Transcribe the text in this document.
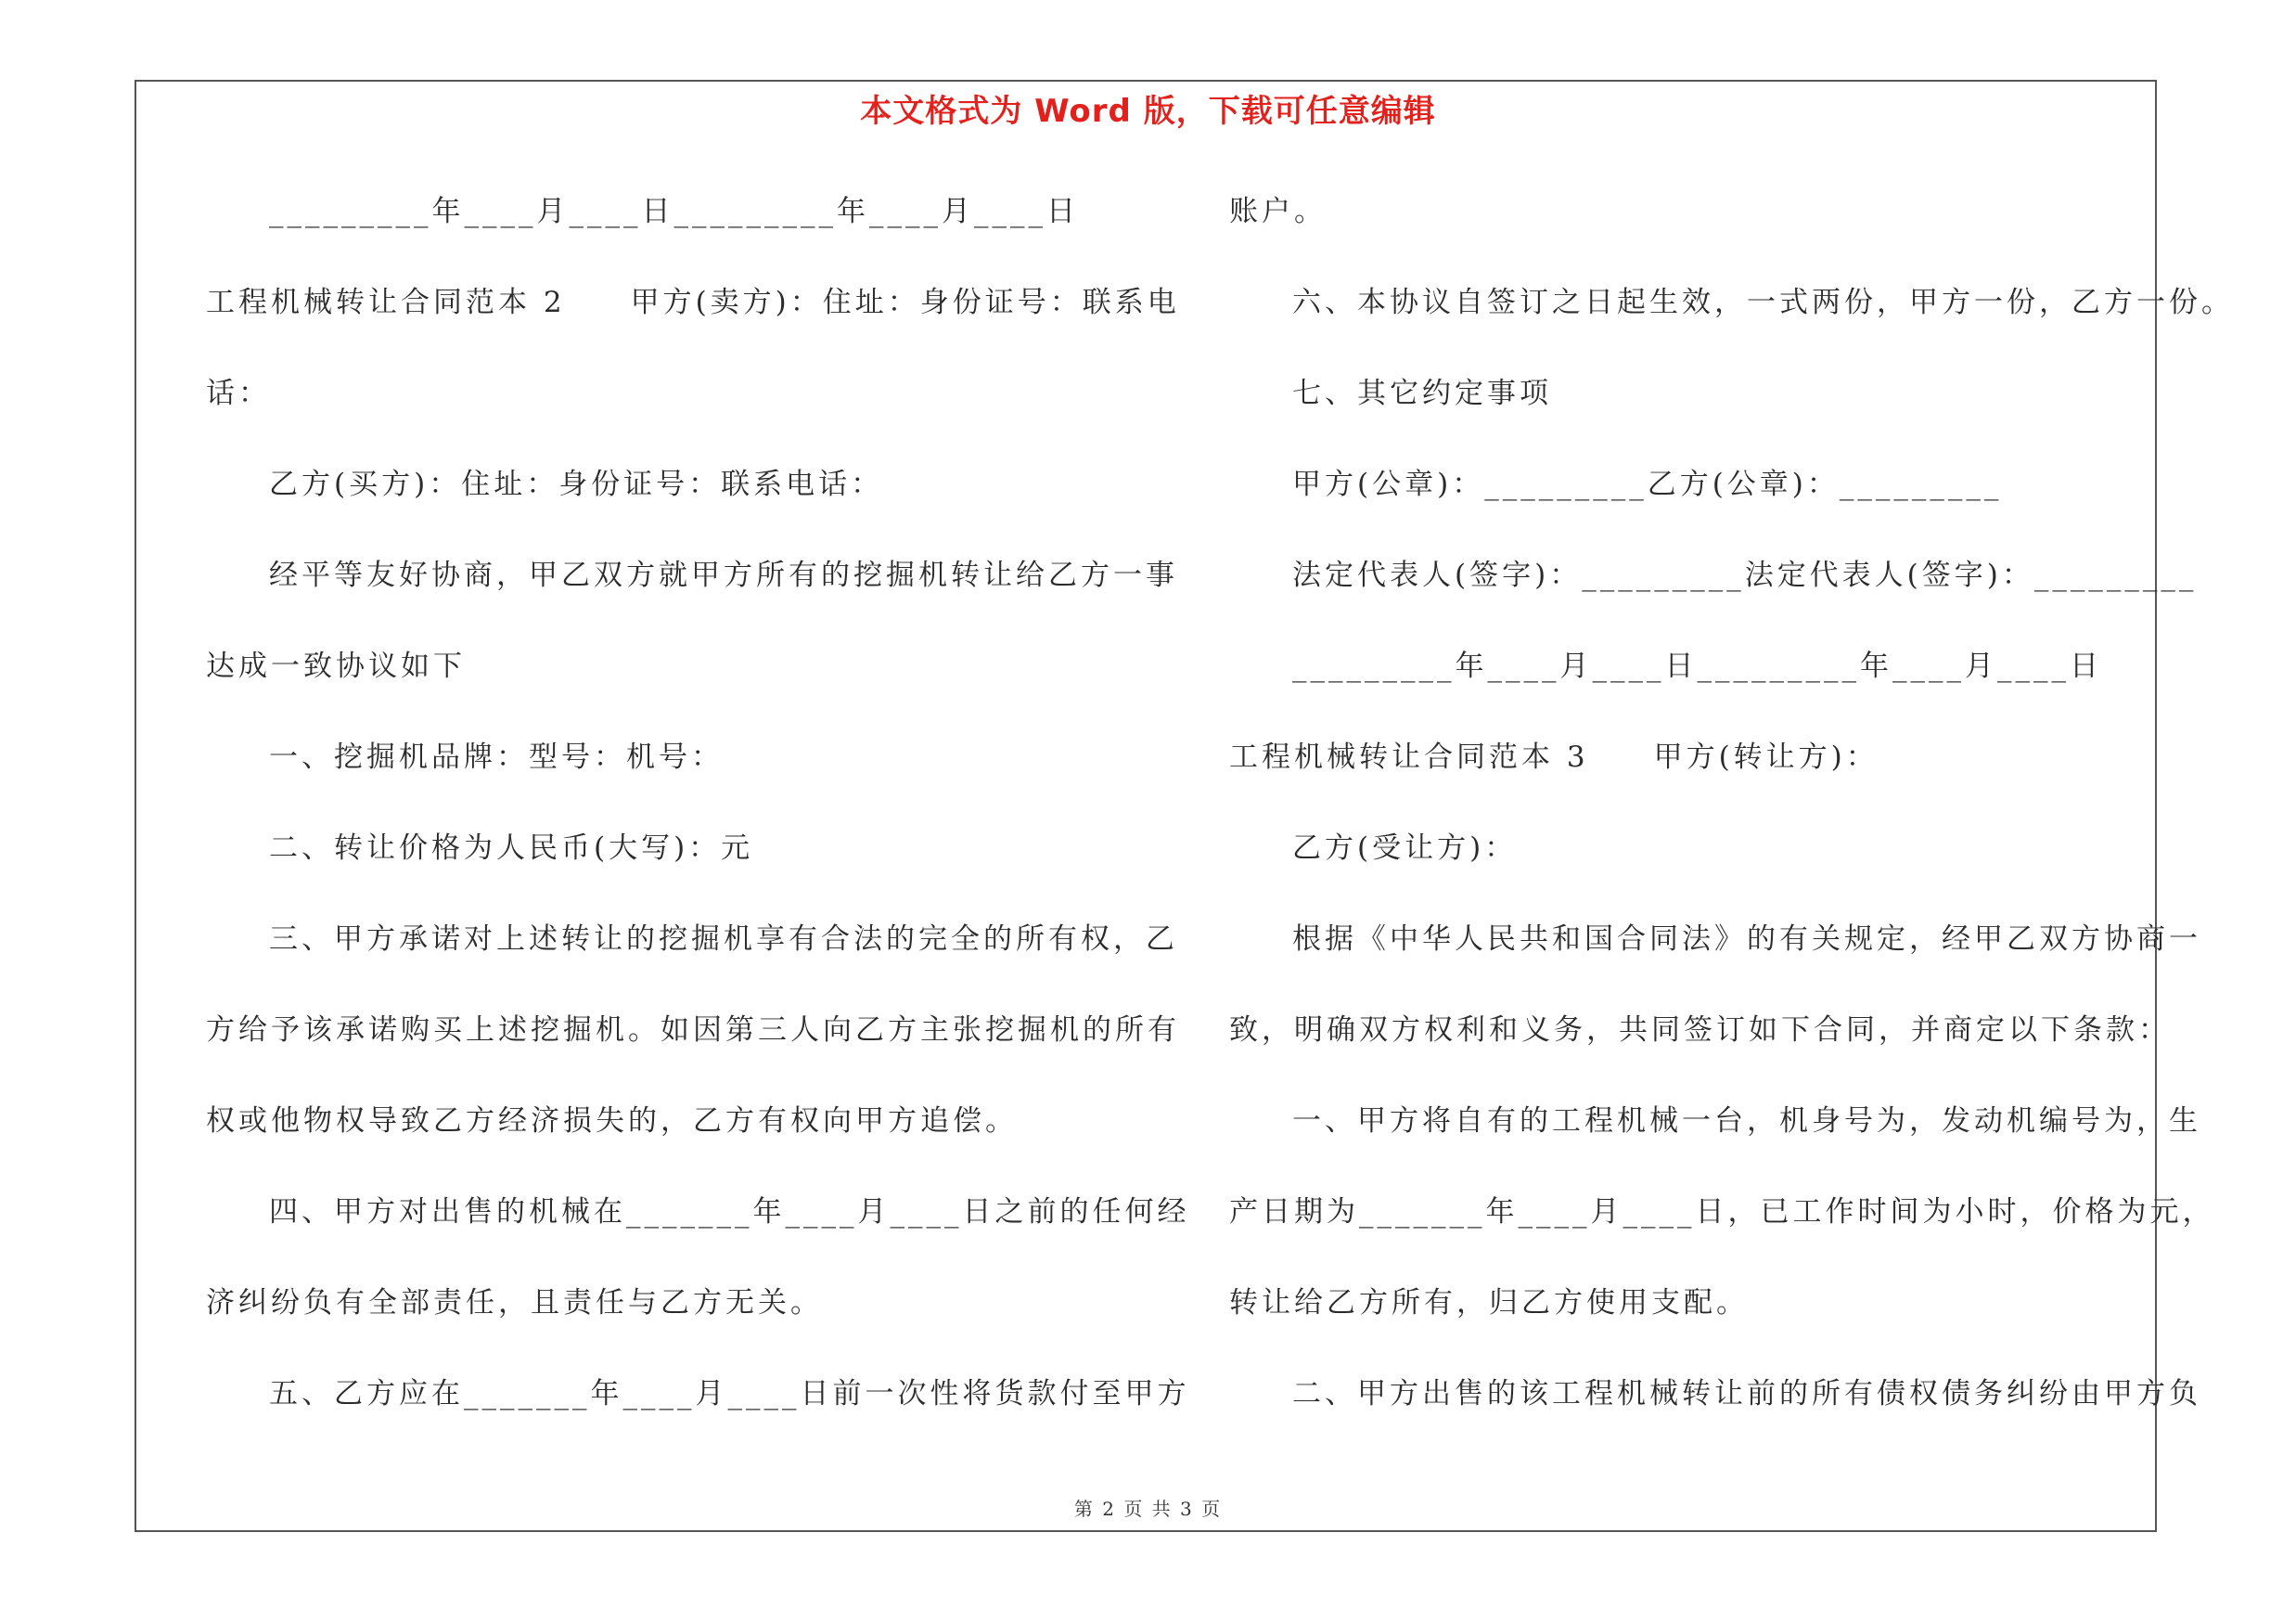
本文格式为 Word 版，下载可任意编辑
_________年____月____日_________年____月____日
工程机械转让合同范本 2　　甲方(卖方)：住址：身份证号：联系电
话：
乙方(买方)：住址：身份证号：联系电话：
经平等友好协商，甲乙双方就甲方所有的挖掘机转让给乙方一事
达成一致协议如下
一、挖掘机品牌：型号：机号：
二、转让价格为人民币(大写)：元
三、甲方承诺对上述转让的挖掘机享有合法的完全的所有权，乙
方给予该承诺购买上述挖掘机。如因第三人向乙方主张挖掘机的所有
权或他物权导致乙方经济损失的，乙方有权向甲方追偿。
四、甲方对出售的机械在_______年____月____日之前的任何经
济纠纷负有全部责任，且责任与乙方无关。
五、乙方应在_______年____月____日前一次性将货款付至甲方
账户。
六、本协议自签订之日起生效，一式两份，甲方一份，乙方一份。
七、其它约定事项
甲方(公章)：_________乙方(公章)：_________
法定代表人(签字)：_________法定代表人(签字)：_________
_________年____月____日_________年____月____日
工程机械转让合同范本 3　　甲方(转让方)：
乙方(受让方)：
根据《中华人民共和国合同法》的有关规定，经甲乙双方协商一
致，明确双方权利和义务，共同签订如下合同，并商定以下条款：
一、甲方将自有的工程机械一台，机身号为，发动机编号为，生
产日期为_______年____月____日，已工作时间为小时，价格为元，
转让给乙方所有，归乙方使用支配。
二、甲方出售的该工程机械转让前的所有债权债务纠纷由甲方负
第 2 页 共 3 页
